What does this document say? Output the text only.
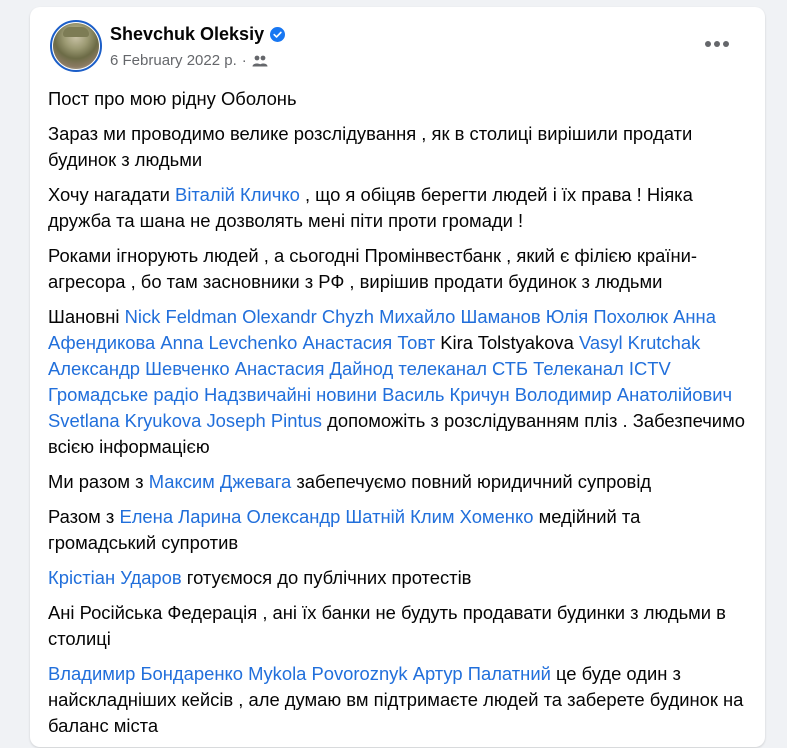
Shevchuk Oleksiy
6 February 2022 р. ·

Пост про мою рідну Оболонь

Зараз ми проводимо велике розслідування , як в столиці вирішили продати будинок з людьми

Хочу нагадати Віталій Кличко , що я обіцяв берегти людей і їх права ! Ніяка дружба та шана не дозволять мені піти проти громади !

Роками ігнорують людей , а сьогодні Промінвестбанк , який є філією країни-агресора , бо там засновники з РФ , вирішив продати будинок з людьми

Шановні Nick Feldman Olexandr Chyzh Михайло Шаманов Юлія Похолюк Анна Афендикова Anna Levchenko Анастасия Товт Kira Tolstyakova Vasyl Krutchak Александр Шевченко Анастасия Дайнод телеканал СТБ Телеканал ICTV Громадське радіо Надзвичайні новини Василь Кричун Володимир Анатолійович Svetlana Kryukova Joseph Pintus допоможіть з розслідуванням пліз . Забезпечимо всією інформацією

Ми разом з Максим Джевага забепечуємо повний юридичний супровід

Разом з Елена Ларина Олександр Шатній Клим Хоменко медійний та громадський супротив

Крістіан Ударов готуємося до публічних протестів

Ані Російська Федерація , ані їх банки не будуть продавати будинки з людьми в столиці

Владимир Бондаренко Mykola Povoroznyk Артур Палатний це буде один з найскладніших кейсів , але думаю вм підтримаєте людей та заберете будинок на баланс міста
